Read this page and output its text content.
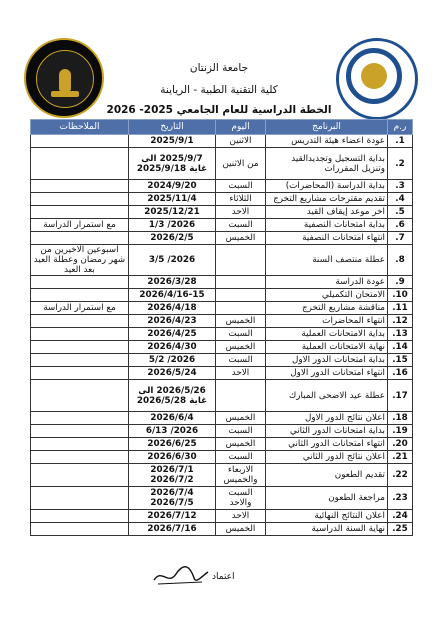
جامعة الزنتان
كلية التقنية الطبية - الرياينة
الخطة الدراسية للعام الجامعي 2025- 2026
ر.م	البرنامج	اليوم	التاريخ	الملاحظات
1.	عودة اعضاء هيئة التدريس	الاثنين	2025/9/1	
2.	بداية التسجيل وتجديدالقيد وتنزيل المقررات	من الاثنين	2025/9/7 الى غاية 2025/9/18	
3.	بداية الدراسة (المحاضرات)	السبت	2024/9/20	
4.	تقديم مقترحات مشاريع التخرج	الثلاثاء	2025/11/4	
5.	اخر موعد إيقاف القيد	الاحد	2025/12/21	
6.	بداية امتحانات النصفية	السبت	2026/ 1/3	مع استمرار الدراسة
7.	انتهاء امتحانات النصفية	الخميس	2026/2/5	
8.	عطلة منتصف السنة		2026/ 3/5	اسبوعين الاخيرين من شهر رمضان وعطلة العيد بعد العيد
9.	عودة الدراسة		2026/3/28	
10.	الامتحان التكميلي		2026/4/16-15	
11.	مناقشة مشاريع التخرج		2026/4/18	مع استمرار الدراسة
12.	انتهاء المحاضرات	الخميس	2026/4/23	
13.	بداية الامتحانات العملية	السبت	2026/4/25	
14.	نهاية الامتحانات العملية	الخميس	2026/4/30	
15.	بداية امتحانات الدور الاول	السبت	2026/ 5/2	
16.	انتهاء امتحانات الدور الاول	الاحد	2026/5/24	
17.	عطلة عيد الاضحى المبارك		2026/5/26 الى غاية 2026/5/28	
18.	اعلان نتائج الدور الاول	الخميس	2026/6/4	
19.	بداية امتحانات الدور الثاني	السبت	2026/ 6/13	
20.	انتهاء امتحانات الدور الثاني	الخميس	2026/6/25	
21.	اعلان نتائج الدور الثاني	السبت	2026/6/30	
22.	تقديم الطعون	الاربعاء والخميس	2026/7/1 2026/7/2	
23.	مراجعة الطعون	السبت والاحد	2026/7/4 2026/7/5	
24.	اعلان النتائج النهائية	الاحد	2026/7/12	
25.	نهاية السنة الدراسية	الخميس	2026/7/16	
اعتماد
